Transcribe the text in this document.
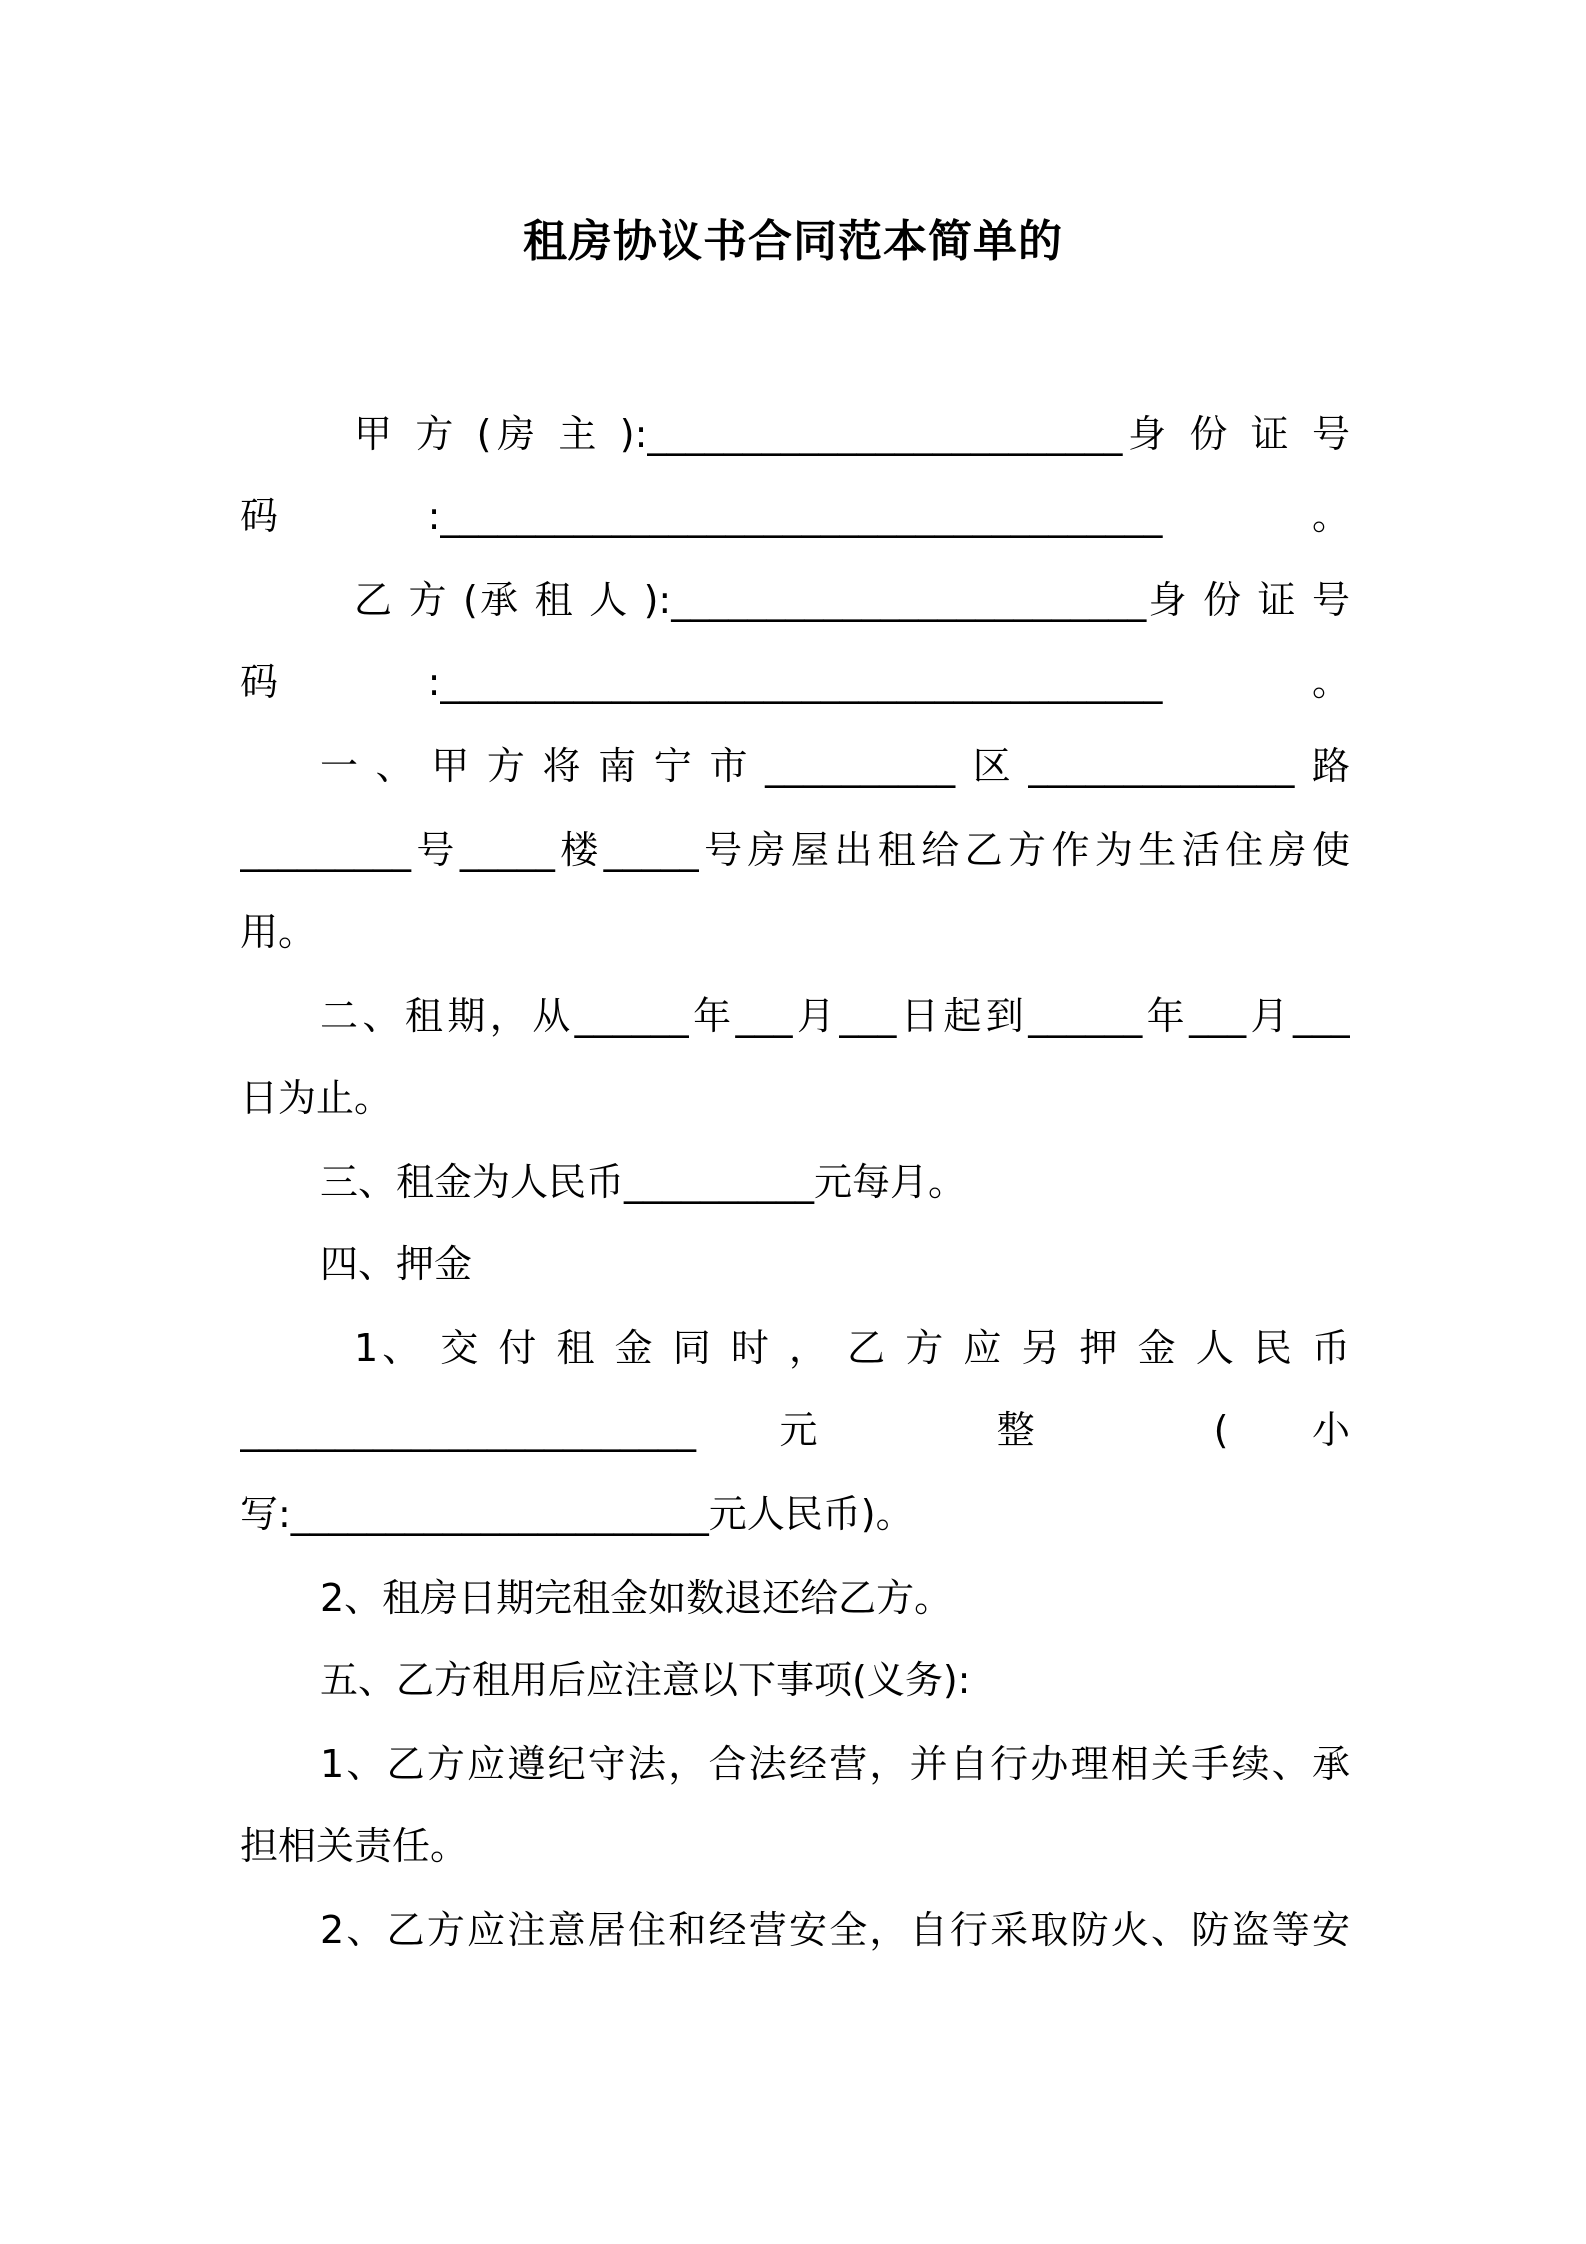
租房协议书合同范本简单的
甲 方 (房 主 ):_________________________身 份 证 号
码:______________________________________。
乙 方 (承 租 人 ):_________________________身 份 证 号
码:______________________________________。
一、甲方将南宁市__________区______________路
_________号_____楼_____号房屋出租给乙方作为生活住房使
用。
二、租期，从______年___月___日起到______年___月___
日为止。
三、租金为人民币__________元每月。
四、押金
1、 交 付 租 金 同 时 ， 乙 方 应 另 押 金 人 民 币
________________________元 整 (小
写:______________________元人民币)。
2、租房日期完租金如数退还给乙方。
五、乙方租用后应注意以下事项(义务):
1、乙方应遵纪守法，合法经营，并自行办理相关手续、承
担相关责任。
2、乙方应注意居住和经营安全，自行采取防火、防盗等安
